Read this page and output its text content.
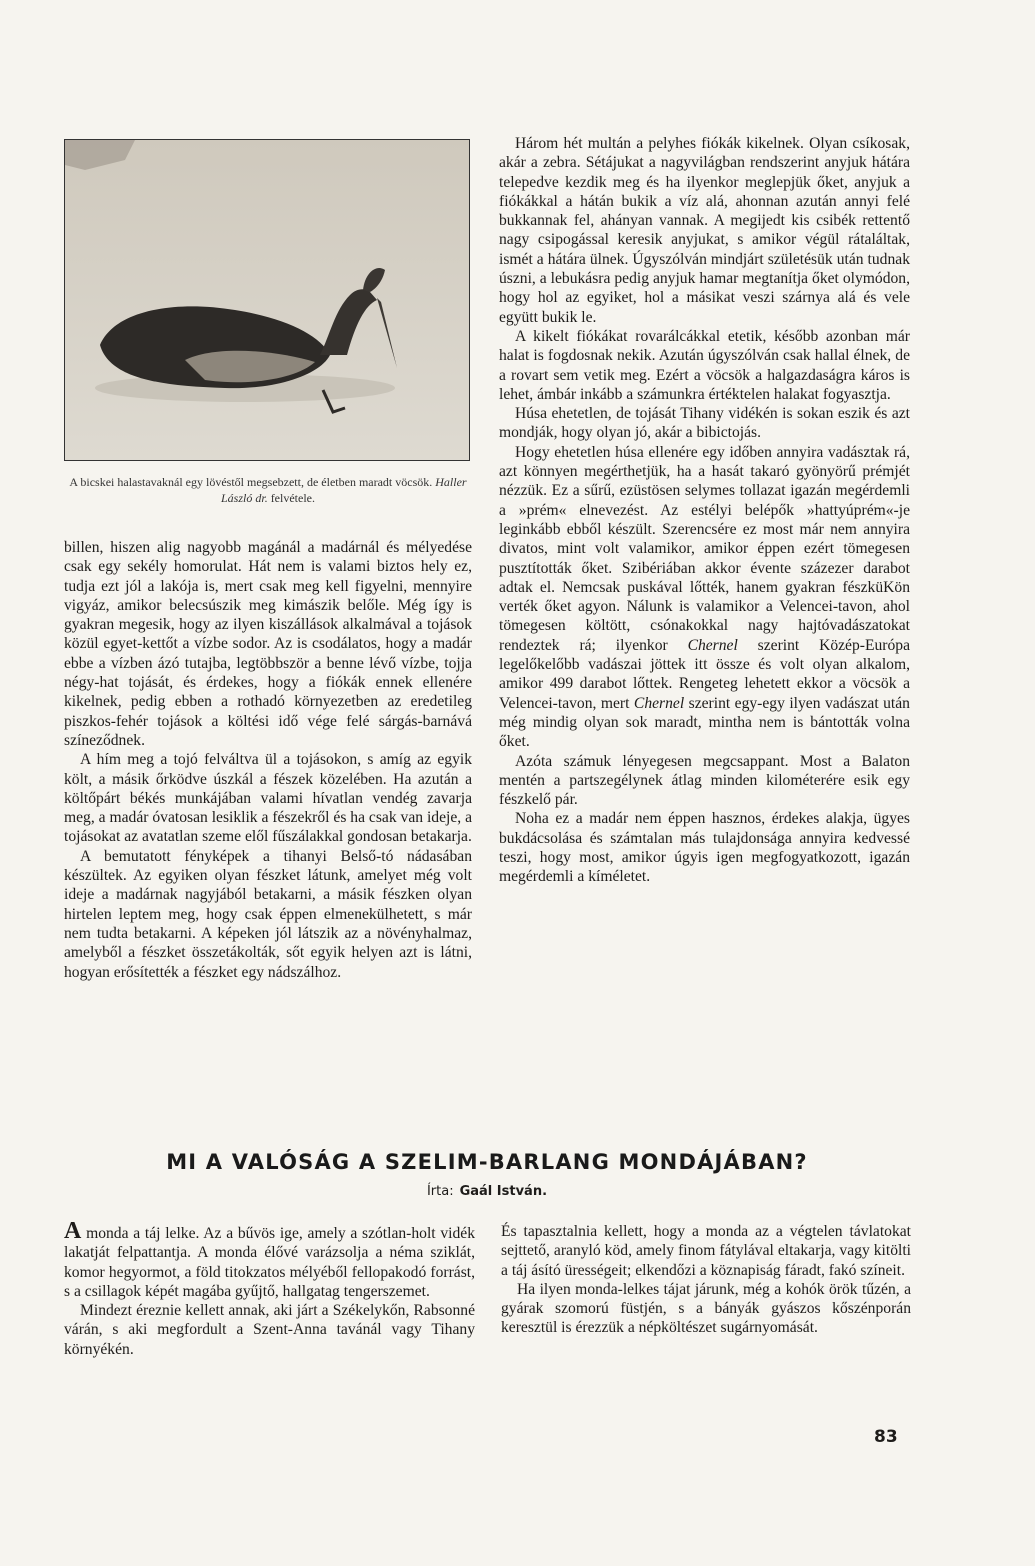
A bicskei halastavaknál egy lövéstől megsebzett, de életben maradt vöcsök. Haller László dr. felvétele.

billen, hiszen alig nagyobb magánál a madárnál és mélyedése csak egy sekély homorulat. Hát nem is valami biztos hely ez, tudja ezt jól a lakója is, mert csak meg kell figyelni, mennyire vigyáz, amikor belecsúszik meg kimászik belőle. Még így is gyakran megesik, hogy az ilyen kiszállások alkalmával a tojások közül egyet-kettőt a vízbe sodor. Az is csodálatos, hogy a madár ebbe a vízben ázó tutajba, legtöbbször a benne lévő vízbe, tojja négy-hat tojását, és érdekes, hogy a fiókák ennek ellenére kikelnek, pedig ebben a rothadó környezetben az eredetileg piszkos-fehér tojások a költési idő vége felé sárgás-barnává színeződnek.

A hím meg a tojó felváltva ül a tojásokon, s amíg az egyik költ, a másik őrködve úszkál a fészek közelében. Ha azután a költőpárt békés munkájában valami hívatlan vendég zavarja meg, a madár óvatosan lesiklik a fészekről és ha csak van ideje, a tojásokat az avatatlan szeme elől fűszálakkal gondosan betakarja.

A bemutatott fényképek a tihanyi Belső-tó nádasában készültek. Az egyiken olyan fészket látunk, amelyet még volt ideje a madárnak nagyjából betakarni, a másik fészken olyan hirtelen leptem meg, hogy csak éppen elmenekülhetett, s már nem tudta betakarni. A képeken jól látszik az a növényhalmaz, amelyből a fészket összetákolták, sőt egyik helyen azt is látni, hogyan erősítették a fészket egy nádszálhoz.

Három hét multán a pelyhes fiókák kikelnek. Olyan csíkosak, akár a zebra. Sétájukat a nagyvilágban rendszerint anyjuk hátára telepedve kezdik meg és ha ilyenkor meglepjük őket, anyjuk a fiókákkal a hátán bukik a víz alá, ahonnan azután annyi felé bukkannak fel, ahányan vannak. A megijedt kis csibék rettentő nagy csipogással keresik anyjukat, s amikor végül rátaláltak, ismét a hátára ülnek. Úgyszólván mindjárt születésük után tudnak úszni, a lebukásra pedig anyjuk hamar megtanítja őket olymódon, hogy hol az egyiket, hol a másikat veszi szárnya alá és vele együtt bukik le.

A kikelt fiókákat rovarálcákkal etetik, később azonban már halat is fogdosnak nekik. Azután úgyszólván csak hallal élnek, de a rovart sem vetik meg. Ezért a vöcsök a halgazdaságra káros is lehet, ámbár inkább a számunkra értéktelen halakat fogyasztja.

Húsa ehetetlen, de tojását Tihany vidékén is sokan eszik és azt mondják, hogy olyan jó, akár a bibictojás.

Hogy ehetetlen húsa ellenére egy időben annyira vadásztak rá, azt könnyen megérthetjük, ha a hasát takaró gyönyörű prémjét nézzük. Ez a sűrű, ezüstösen selymes tollazat igazán megérdemli a »prém« elnevezést. Az estélyi belépők »hattyúprém«-je leginkább ebből készült. Szerencsére ez most már nem annyira divatos, mint volt valamikor, amikor éppen ezért tömegesen pusztították őket. Szibériában akkor évente százezer darabot adtak el. Nemcsak puskával lőtték, hanem gyakran fészküKön verték őket agyon. Nálunk is valamikor a Velencei-tavon, ahol tömegesen költött, csónakokkal nagy hajtóvadászatokat rendeztek rá; ilyenkor Chernel szerint Közép-Európa legelőkelőbb vadászai jöttek itt össze és volt olyan alkalom, amikor 499 darabot lőttek. Rengeteg lehetett ekkor a vöcsök a Velencei-tavon, mert Chernel szerint egy-egy ilyen vadászat után még mindig olyan sok maradt, mintha nem is bántották volna őket.

Azóta számuk lényegesen megcsappant. Most a Balaton mentén a partszegélynek átlag minden kilométerére esik egy fészkelő pár.

Noha ez a madár nem éppen hasznos, érdekes alakja, ügyes bukdácsolása és számtalan más tulajdonsága annyira kedvessé teszi, hogy most, amikor úgyis igen megfogyatkozott, igazán megérdemli a kíméletet.

MI A VALÓSÁG A SZELIM-BARLANG MONDÁJÁBAN?
Írta: Gaál István.

A monda a táj lelke. Az a bűvös ige, amely a szótlan-holt vidék lakatját felpattantja. A monda élővé varázsolja a néma sziklát, komor hegyormot, a föld titokzatos mélyéből fellopakodó forrást, s a csillagok képét magába gyűjtő, hallgatag tengerszemet.

Mindezt éreznie kellett annak, aki járt a Székelykőn, Rabsonné várán, s aki megfordult a Szent-Anna tavánál vagy Tihany környékén.

És tapasztalnia kellett, hogy a monda az a végtelen távlatokat sejttető, aranyló köd, amely finom fátylával eltakarja, vagy kitölti a táj ásító ürességeit; elkendőzi a köznapiság fáradt, fakó színeit.

Ha ilyen monda-lelkes tájat járunk, még a kohók örök tűzén, a gyárak szomorú füstjén, s a bányák gyászos kőszénporán keresztül is érezzük a népköltészet sugárnyomását.

83
